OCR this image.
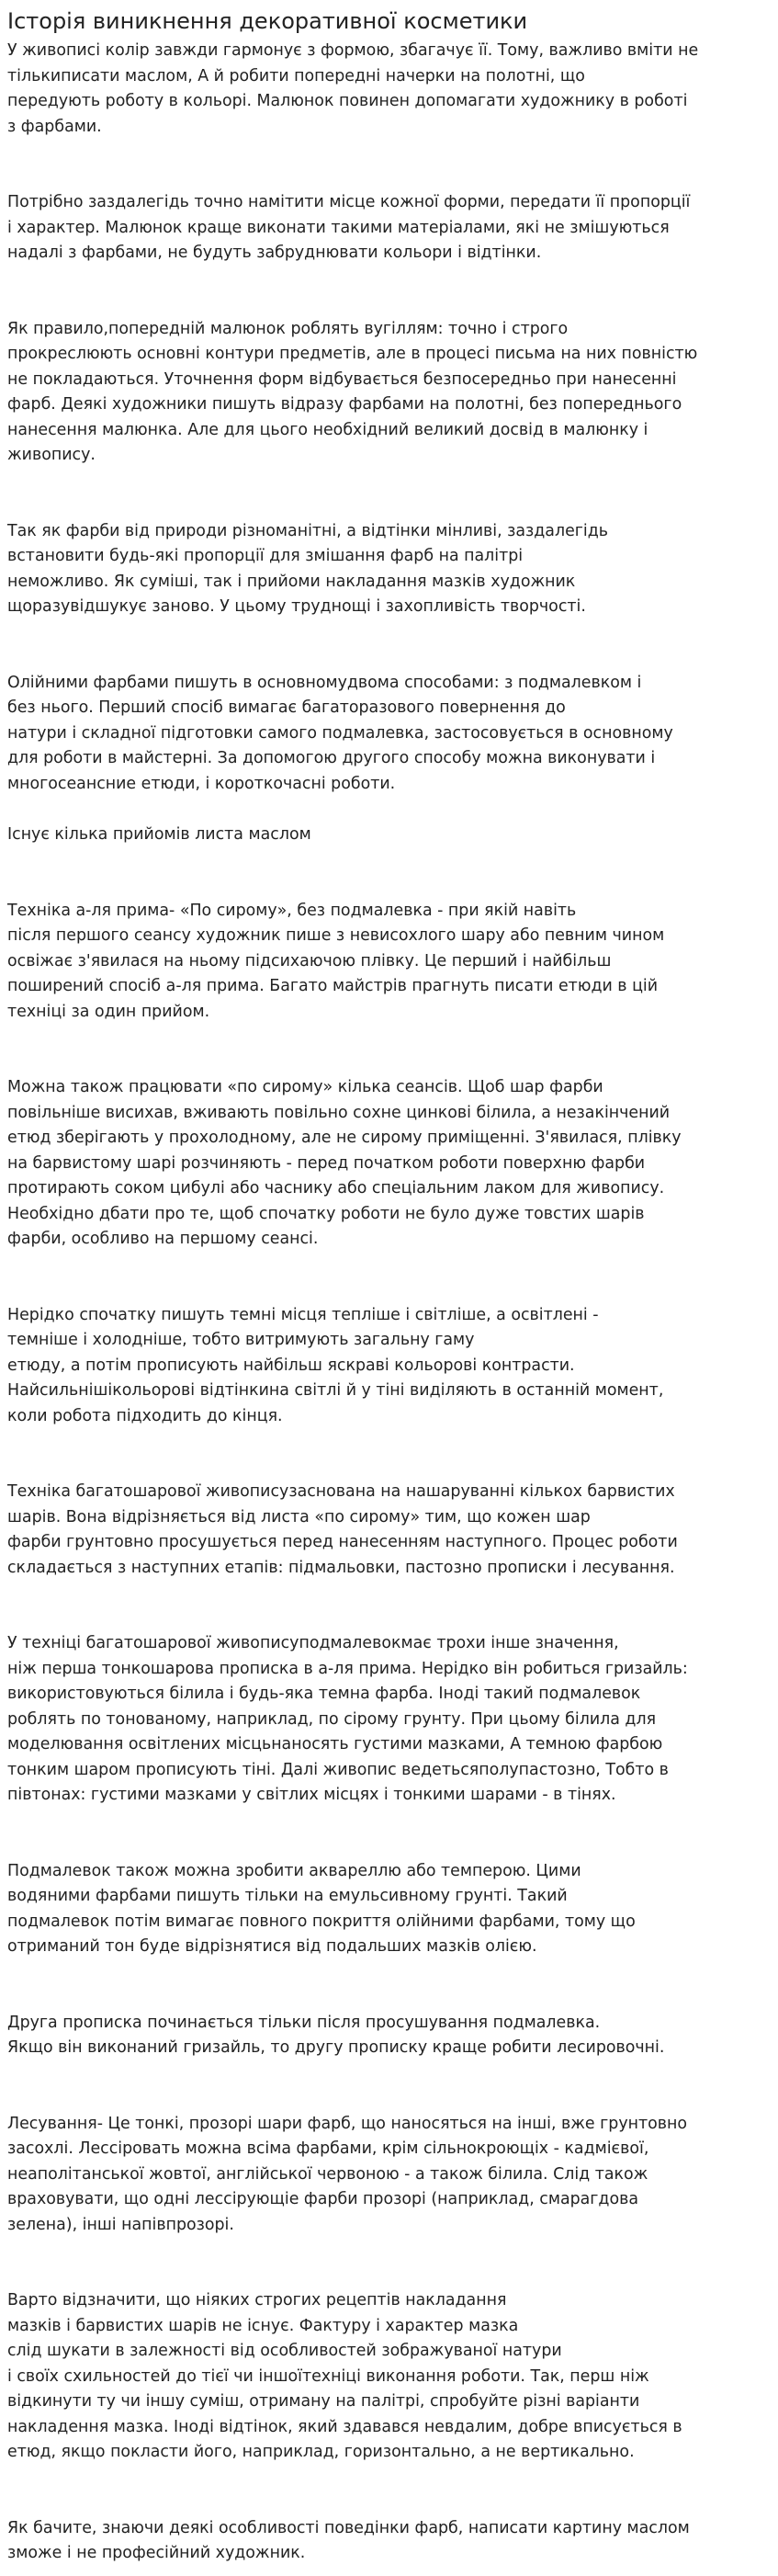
Історія виникнення декоративної косметики

У живописі колір завжди гармонує з формою, збагачує її. Тому, важливо вміти не
тількиписати маслом, А й робити попередні начерки на полотні, що
передують роботу в кольорі. Малюнок повинен допомагати художнику в роботі
з фарбами.

Потрібно заздалегідь точно намітити місце кожної форми, передати її пропорції
і характер. Малюнок краще виконати такими матеріалами, які не змішуються
надалі з фарбами, не будуть забруднювати кольори і відтінки.

Як правило,попередній малюнок роблять вугіллям: точно і строго
прокреслюють основні контури предметів, але в процесі письма на них повністю
не покладаються. Уточнення форм відбувається безпосередньо при нанесенні
фарб. Деякі художники пишуть відразу фарбами на полотні, без попереднього
нанесення малюнка. Але для цього необхідний великий досвід в малюнку і
живопису.

Так як фарби від природи різноманітні, а відтінки мінливі, заздалегідь
встановити будь-які пропорції для змішання фарб на палітрі
неможливо. Як суміші, так і прийоми накладання мазків художник
щоразувідшукує заново. У цьому труднощі і захопливість творчості.

Олійними фарбами пишуть в основномудвома способами: з подмалевком і
без нього. Перший спосіб вимагає багаторазового повернення до
натури і складної підготовки самого подмалевка, застосовується в основному
для роботи в майстерні. За допомогою другого способу можна виконувати і
многосеансние етюди, і короткочасні роботи.

Існує кілька прийомів листа маслом

Техніка а-ля прима- «По сирому», без подмалевка - при якій навіть
після першого сеансу художник пише з невисохлого шару або певним чином
освіжає з'явилася на ньому підсихаючою плівку. Це перший і найбільш
поширений спосіб а-ля прима. Багато майстрів прагнуть писати етюди в цій
техніці за один прийом.

Можна також працювати «по сирому» кілька сеансів. Щоб шар фарби
повільніше висихав, вживають повільно сохне цинкові білила, а незакінчений
етюд зберігають у прохолодному, але не сирому приміщенні. З'явилася, плівку
на барвистому шарі розчиняють - перед початком роботи поверхню фарби
протирають соком цибулі або часнику або спеціальним лаком для живопису.
Необхідно дбати про те, щоб спочатку роботи не було дуже товстих шарів
фарби, особливо на першому сеансі.

Нерідко спочатку пишуть темні місця тепліше і світліше, а освітлені -
темніше і холодніше, тобто витримують загальну гаму
етюду, а потім прописують найбільш яскраві кольорові контрасти.
Найсильнішікольорові відтінкина світлі й у тіні виділяють в останній момент,
коли робота підходить до кінця.

Техніка багатошарової живописузаснована на нашаруванні кількох барвистих
шарів. Вона відрізняється від листа «по сирому» тим, що кожен шар
фарби грунтовно просушується перед нанесенням наступного. Процес роботи
складається з наступних етапів: підмальовки, пастозно прописки і лесування.

У техніці багатошарової живописуподмалевокмає трохи інше значення,
ніж перша тонкошарова прописка в а-ля прима. Нерідко він робиться гризайль:
використовуються білила і будь-яка темна фарба. Іноді такий подмалевок
роблять по тонованому, наприклад, по сірому грунту. При цьому білила для
моделювання освітлених місцьнаносять густими мазками, А темною фарбою
тонким шаром прописують тіні. Далі живопис ведетьсяполупастозно, Тобто в
півтонах: густими мазками у світлих місцях і тонкими шарами - в тінях.

Подмалевок також можна зробити аквареллю або темперою. Цими
водяними фарбами пишуть тільки на емульсивному грунті. Такий
подмалевок потім вимагає повного покриття олійними фарбами, тому що
отриманий тон буде відрізнятися від подальших мазків олією.

Друга прописка починається тільки після просушування подмалевка.
Якщо він виконаний гризайль, то другу прописку краще робити лесировочні.

Лесування- Це тонкі, прозорі шари фарб, що наносяться на інші, вже грунтовно
засохлі. Лессіровать можна всіма фарбами, крім сільнокроющіх - кадмієвої,
неаполітанської жовтої, англійської червоною - а також білила. Слід також
враховувати, що одні лессірующіе фарби прозорі (наприклад, смарагдова
зелена), інші напівпрозорі.

Варто відзначити, що ніяких строгих рецептів накладання
мазків і барвистих шарів не існує. Фактуру і характер мазка
слід шукати в залежності від особливостей зображуваної натури
і своїх схильностей до тієї чи іншоїтехніці виконання роботи. Так, перш ніж
відкинути ту чи іншу суміш, отриману на палітрі, спробуйте різні варіанти
накладення мазка. Іноді відтінок, який здавався невдалим, добре вписується в
етюд, якщо покласти його, наприклад, горизонтально, а не вертикально.

Як бачите, знаючи деякі особливості поведінки фарб, написати картину маслом
зможе і не професійний художник.
